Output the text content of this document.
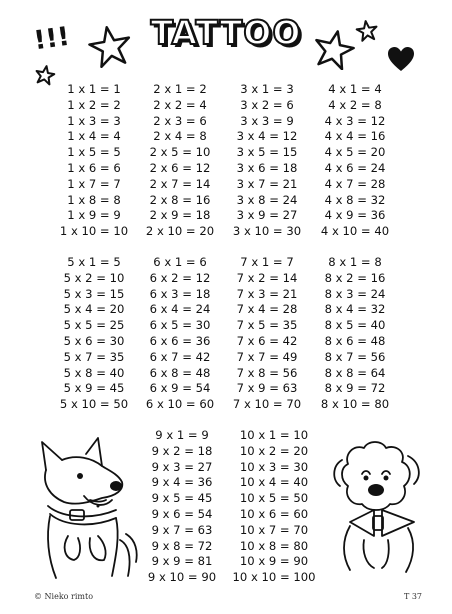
TATTOO
!!!
1 x 1 = 1
1 x 2 = 2
1 x 3 = 3
1 x 4 = 4
1 x 5 = 5
1 x 6 = 6
1 x 7 = 7
1 x 8 = 8
1 x 9 = 9
1 x 10 = 10
2 x 1 = 2
2 x 2 = 4
2 x 3 = 6
2 x 4 = 8
2 x 5 = 10
2 x 6 = 12
2 x 7 = 14
2 x 8 = 16
2 x 9 = 18
2 x 10 = 20
3 x 1 = 3
3 x 2 = 6
3 x 3 = 9
3 x 4 = 12
3 x 5 = 15
3 x 6 = 18
3 x 7 = 21
3 x 8 = 24
3 x 9 = 27
3 x 10 = 30
4 x 1 = 4
4 x 2 = 8
4 x 3 = 12
4 x 4 = 16
4 x 5 = 20
4 x 6 = 24
4 x 7 = 28
4 x 8 = 32
4 x 9 = 36
4 x 10 = 40
5 x 1 = 5
5 x 2 = 10
5 x 3 = 15
5 x 4 = 20
5 x 5 = 25
5 x 6 = 30
5 x 7 = 35
5 x 8 = 40
5 x 9 = 45
5 x 10 = 50
6 x 1 = 6
6 x 2 = 12
6 x 3 = 18
6 x 4 = 24
6 x 5 = 30
6 x 6 = 36
6 x 7 = 42
6 x 8 = 48
6 x 9 = 54
6 x 10 = 60
7 x 1 = 7
7 x 2 = 14
7 x 3 = 21
7 x 4 = 28
7 x 5 = 35
7 x 6 = 42
7 x 7 = 49
7 x 8 = 56
7 x 9 = 63
7 x 10 = 70
8 x 1 = 8
8 x 2 = 16
8 x 3 = 24
8 x 4 = 32
8 x 5 = 40
8 x 6 = 48
8 x 7 = 56
8 x 8 = 64
8 x 9 = 72
8 x 10 = 80
9 x 1 = 9
9 x 2 = 18
9 x 3 = 27
9 x 4 = 36
9 x 5 = 45
9 x 6 = 54
9 x 7 = 63
9 x 8 = 72
9 x 9 = 81
9 x 10 = 90
10 x 1 = 10
10 x 2 = 20
10 x 3 = 30
10 x 4 = 40
10 x 5 = 50
10 x 6 = 60
10 x 7 = 70
10 x 8 = 80
10 x 9 = 90
10 x 10 = 100
© Nieko rimto	T 37
